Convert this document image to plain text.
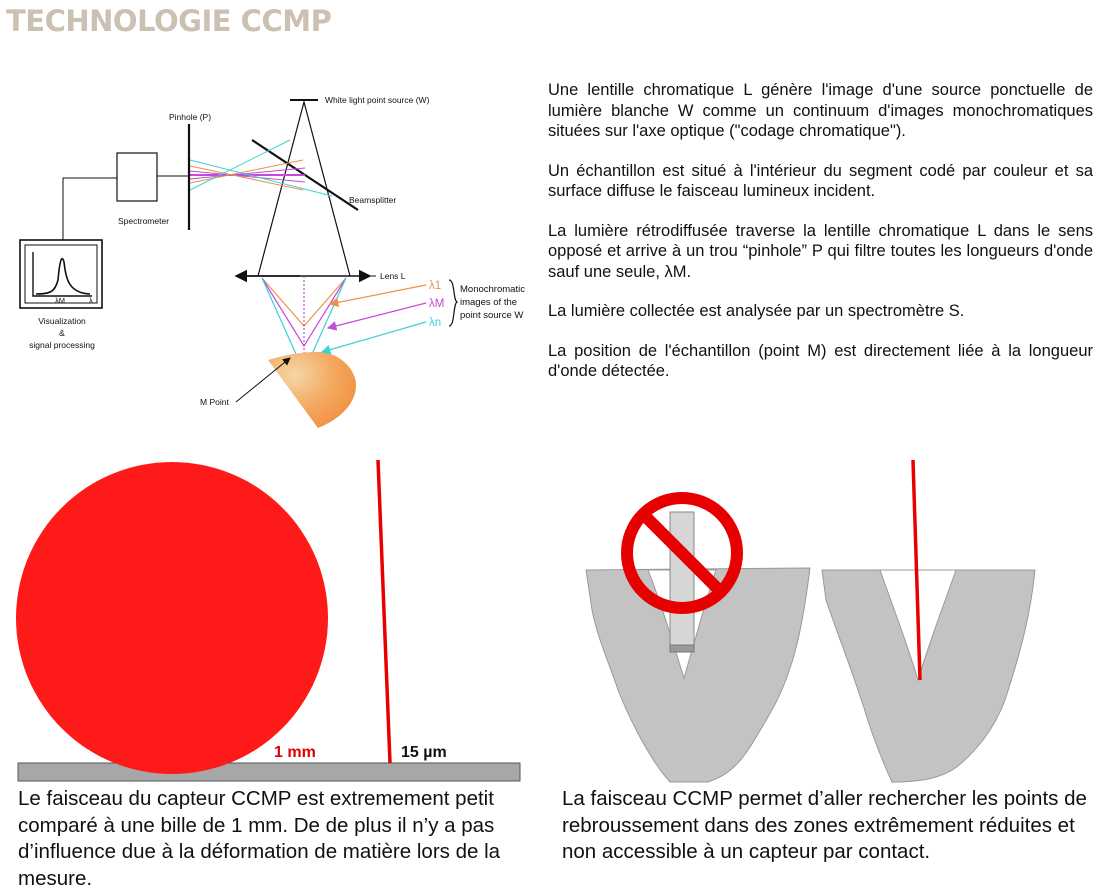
TECHNOLOGIE CCMP
White light point source (W)
Beamsplitter
Pinhole (P)
Spectrometer
λM	λ
Visualization
&
signal processing
Lens L
M Point
λ1
λM
λn
Monochromatic
images of the
point source W
1 mm	15 µm

Une lentille chromatique L génère l'image d'une source ponctuelle de lumière blanche W comme un continuum d'images monochromatiques situées sur l'axe optique ("codage chromatique").

Un échantillon est situé à l'intérieur du segment codé par couleur et sa surface diffuse le faisceau lumineux incident.

La lumière rétrodiffusée traverse la lentille chromatique L dans le sens opposé et arrive à un trou “pinhole” P qui filtre toutes les longueurs d'onde sauf une seule, λM.

La lumière collectée est analysée par un spectromètre S.

La position de l'échantillon (point M) est directement liée à la longueur d'onde détectée.

Le faisceau du capteur CCMP est extremement petit comparé à une bille de 1 mm. De de plus il n’y a pas d’influence due à la déformation de matière lors de la mesure.
La faisceau CCMP permet d’aller rechercher les points de rebroussement dans des zones extrêmement réduites et non accessible à un capteur par contact.
